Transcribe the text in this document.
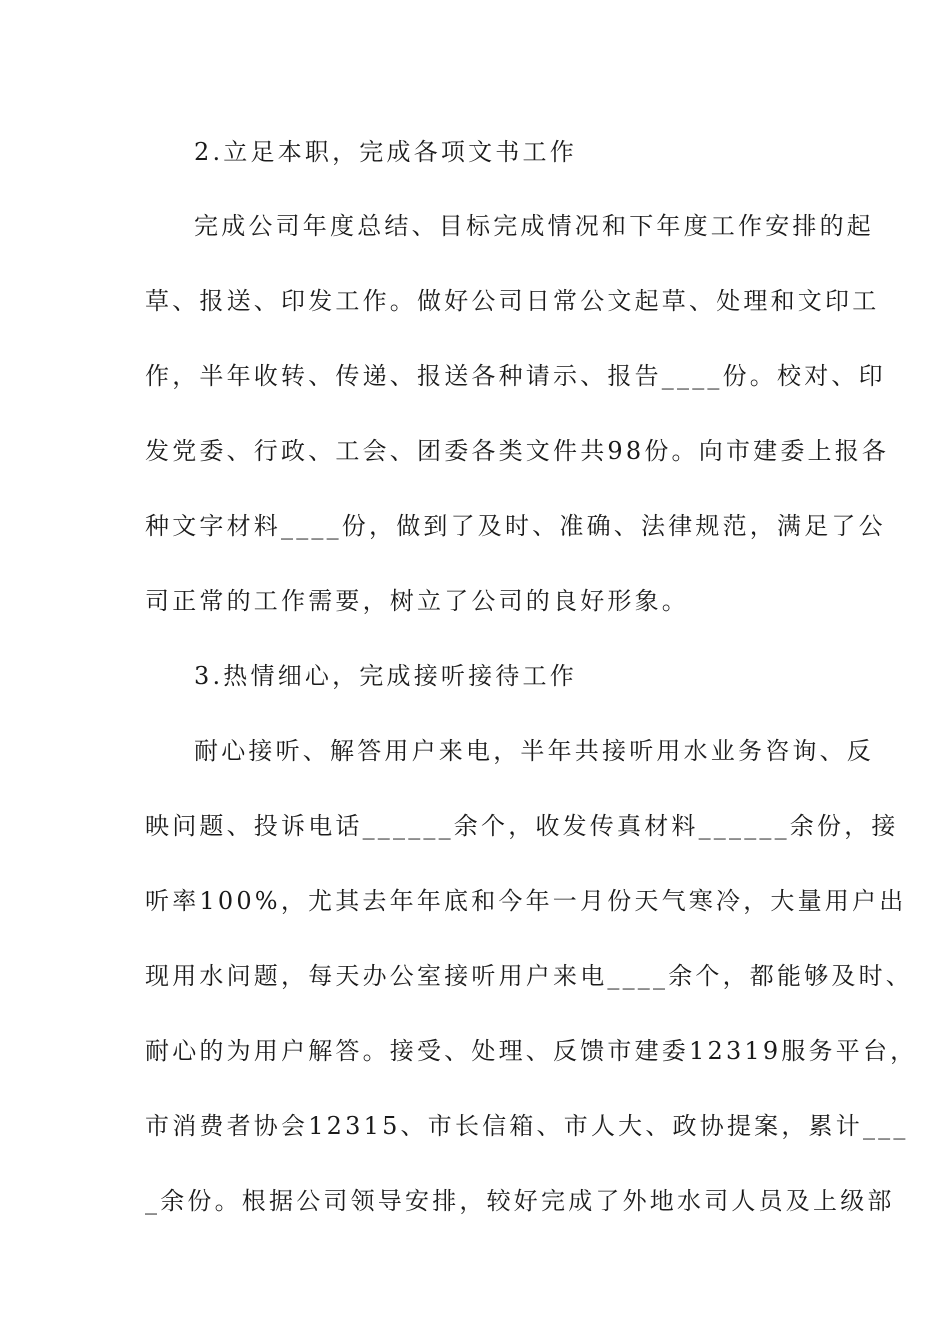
2.立足本职，完成各项文书工作
完成公司年度总结、目标完成情况和下年度工作安排的起
草、报送、印发工作。做好公司日常公文起草、处理和文印工
作，半年收转、传递、报送各种请示、报告____份。校对、印
发党委、行政、工会、团委各类文件共98份。向市建委上报各
种文字材料____份，做到了及时、准确、法律规范，满足了公
司正常的工作需要，树立了公司的良好形象。
3.热情细心，完成接听接待工作
耐心接听、解答用户来电，半年共接听用水业务咨询、反
映问题、投诉电话______余个，收发传真材料______余份，接
听率100%，尤其去年年底和今年一月份天气寒冷，大量用户出
现用水问题，每天办公室接听用户来电____余个，都能够及时、
耐心的为用户解答。接受、处理、反馈市建委12319服务平台，
市消费者协会12315、市长信箱、市人大、政协提案，累计___
_余份。根据公司领导安排，较好完成了外地水司人员及上级部
